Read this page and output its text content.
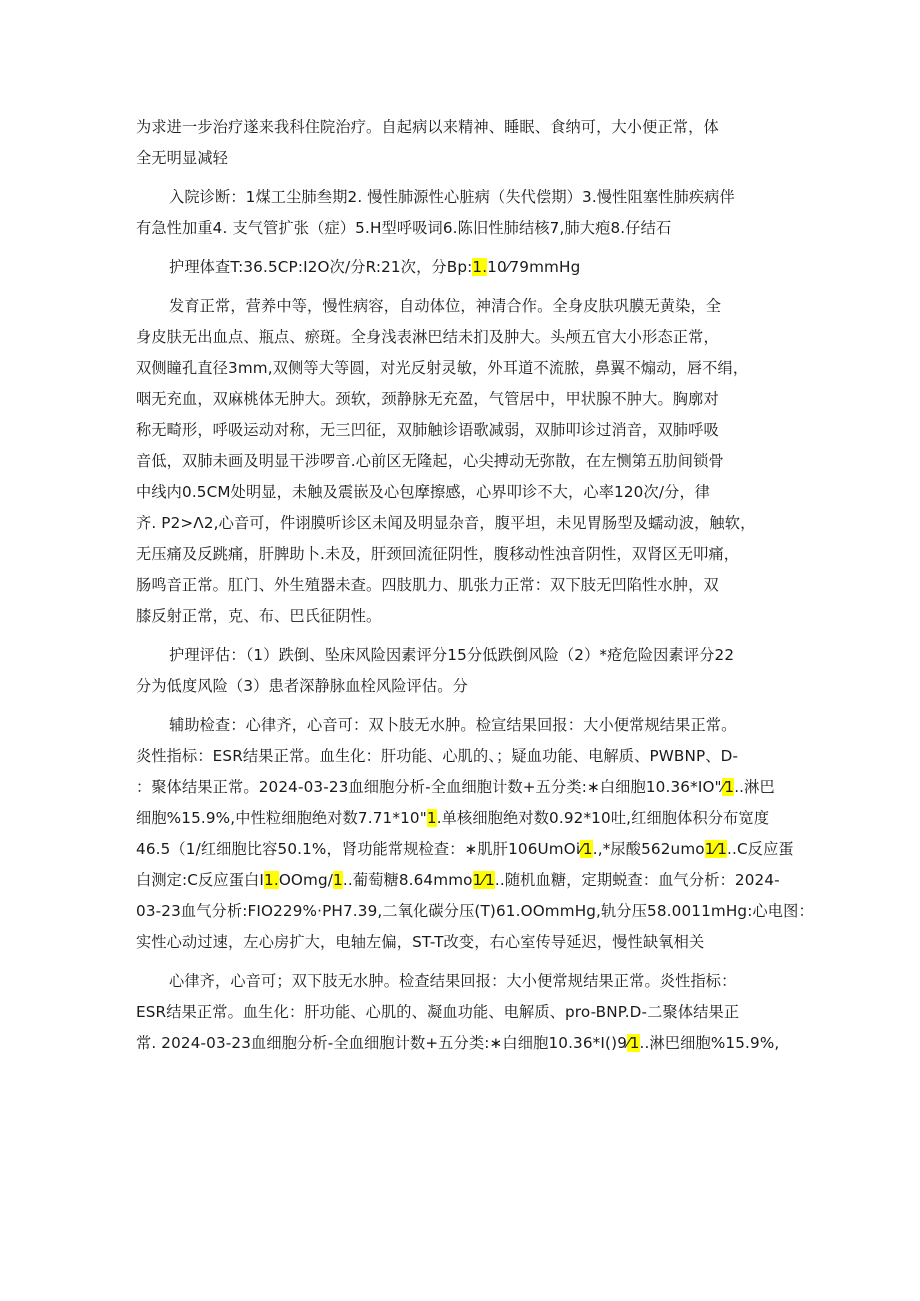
为求进一步治疗遂来我科住院治疗。自起病以来精神、睡眠、食纳可，大小便正常，体
全无明显减轻
入院诊断：1煤工尘肺叁期2. 慢性肺源性心脏病（失代偿期）3.慢性阻塞性肺疾病伴
有急性加重4. 支气管扩张（症）5.H型呼吸词6.陈旧性肺结核7,肺大疱8.仔结石
护理体查T:36.5CP:I2O次/分R:21次，分Bp:1.10⁄79mmHg
发育正常，营养中等，慢性病容，自动体位，神清合作。全身皮肤巩膜无黄染，全
身皮肤无出血点、瓶点、瘀斑。全身浅表淋巴结未扪及肿大。头颅五官大小形态正常，
双侧瞳孔直径3mm,双侧等大等圆，对光反射灵敏，外耳道不流脓，鼻翼不煽动，唇不绢，
咽无充血，双麻桃体无肿大。颈软，颈静脉无充盈，气管居中，甲状腺不肿大。胸廓对
称无畸形，呼吸运动对称，无三凹征，双肺触诊语歌减弱，双肺叩诊过消音，双肺呼吸
音低，双肺未画及明显干涉啰音.心前区无隆起，心尖搏动无弥散，在左恻第五肋间锁骨
中线内0.5CM处明显，未触及震嵌及心包摩擦感，心界叩诊不大，心率120次/分，律
齐. P2>Λ2,心音可，件诩膜听诊区未闻及明显杂音，腹平坦，未见胃肠型及蠕动波，触软，
无压痛及反跳痛，肝脾助卜.未及，肝颈回流征阴性，腹移动性浊音阴性，双肾区无叩痛，
肠鸣音正常。肛门、外生殖器未查。四肢肌力、肌张力正常：双下肢无凹陷性水肿，双
膝反射正常，克、布、巴氏征阴性。
护理评估：（1）跌倒、坠床风险因素评分15分低跌倒风险（2）*疮危险因素评分22
分为低度风险（3）患者深静脉血栓风险评估。分
辅助检查：心律齐，心音可：双卜肢无水肿。检宣结果回报：大小便常规结果正常。
炎性指标：ESR结果正常。血生化：肝功能、心肌的、；疑血功能、电解质、PWBNP、D-
：聚体结果正常。2024-03-23血细胞分析-全血细胞计数+五分类:∗白细胞10.36*IO"⁄1..淋巴
细胞%15.9%,中性粒细胞绝对数7.71*10"1.单核细胞绝对数0.92*10吐,红细胞体积分布宽度
46.5（1/红细胞比容50.1%，肾功能常规检查：∗肌肝106UmOi⁄1.,*尿酸562umo1⁄1..C反应蛋
白测定:C反应蛋白I1.OOmg/1..葡萄糖8.64mmo1⁄1..随机血糖，定期蜕查：血气分析：2024-
03-23血气分析:FIO229%·PH7.39,二氧化碳分压(T)61.OOmmHg,轨分压58.0011mHg:心电图：
实性心动过速，左心房扩大，电轴左偏，ST-T改变，右心室传导延迟，慢性缺氧相关
心律齐，心音可；双下肢无水肿。检查结果回报：大小便常规结果正常。炎性指标：
ESR结果正常。血生化：肝功能、心肌的、凝血功能、电解质、pro-BNP.D-二聚体结果正
常. 2024-03-23血细胞分析-全血细胞计数+五分类:∗白细胞10.36*I()9⁄1..淋巴细胞%15.9%,
